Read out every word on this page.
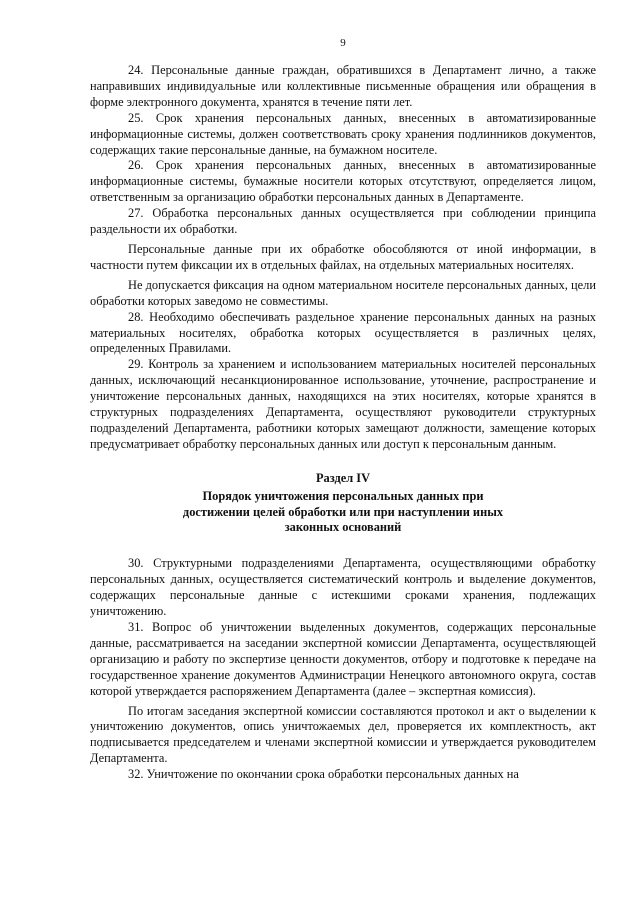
9

24. Персональные данные граждан, обратившихся в Департамент лично, а также направивших индивидуальные или коллективные письменные обращения или обращения в форме электронного документа, хранятся в течение пяти лет.

25. Срок хранения персональных данных, внесенных в автоматизированные информационные системы, должен соответствовать сроку хранения подлинников документов, содержащих такие персональные данные, на бумажном носителе.

26. Срок хранения персональных данных, внесенных в автоматизированные информационные системы, бумажные носители которых отсутствуют, определяется лицом, ответственным за организацию обработки персональных данных в Департаменте.

27. Обработка персональных данных осуществляется при соблюдении принципа раздельности их обработки.

Персональные данные при их обработке обособляются от иной информации, в частности путем фиксации их в отдельных файлах, на отдельных материальных носителях.

Не допускается фиксация на одном материальном носителе персональных данных, цели обработки которых заведомо не совместимы.

28. Необходимо обеспечивать раздельное хранение персональных данных на разных материальных носителях, обработка которых осуществляется в различных целях, определенных Правилами.

29. Контроль за хранением и использованием материальных носителей персональных данных, исключающий несанкционированное использование, уточнение, распространение и уничтожение персональных данных, находящихся на этих носителях, которые хранятся в структурных подразделениях Департамента, осуществляют руководители структурных подразделений Департамента, работники которых замещают должности, замещение которых предусматривает обработку персональных данных или доступ к персональным данным.

Раздел IV

Порядок уничтожения персональных данных при
достижении целей обработки или при наступлении иных
законных оснований

30. Структурными подразделениями Департамента, осуществляющими обработку персональных данных, осуществляется систематический контроль и выделение документов, содержащих персональные данные с истекшими сроками хранения, подлежащих уничтожению.

31. Вопрос об уничтожении выделенных документов, содержащих персональные данные, рассматривается на заседании экспертной комиссии Департамента, осуществляющей организацию и работу по экспертизе ценности документов, отбору и подготовке к передаче на государственное хранение документов Администрации Ненецкого автономного округа, состав которой утверждается распоряжением Департамента (далее – экспертная комиссия).

По итогам заседания экспертной комиссии составляются протокол и акт о выделении к уничтожению документов, опись уничтожаемых дел, проверяется их комплектность, акт подписывается председателем и членами экспертной комиссии и утверждается руководителем Департамента.

32. Уничтожение по окончании срока обработки персональных данных на
